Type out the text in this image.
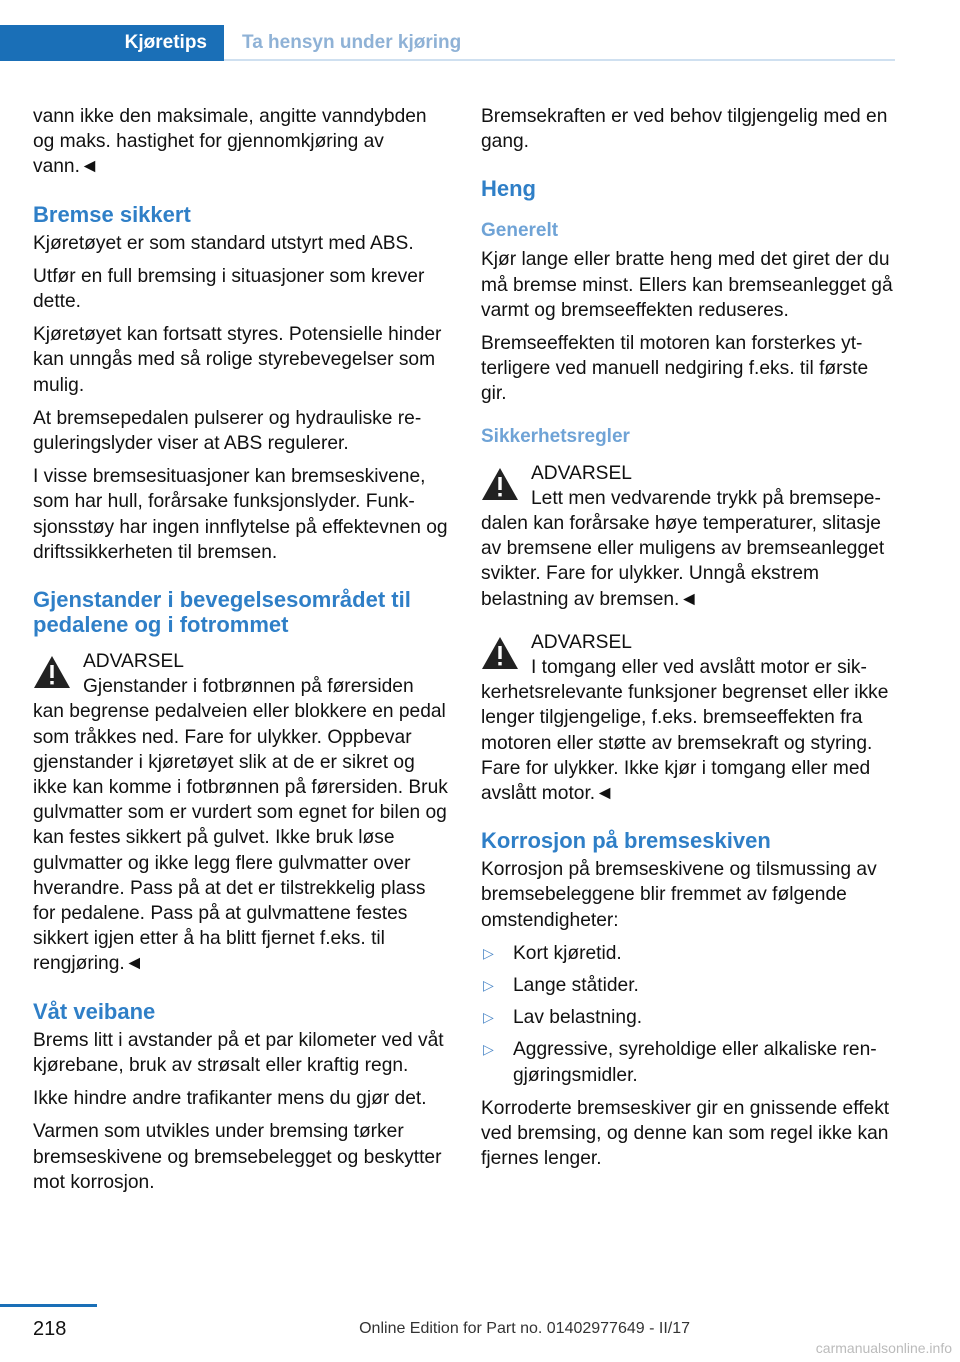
Kjøretips	Ta hensyn under kjøring

vann ikke den maksimale, angitte vanndybden og maks. hastighet for gjennomkjøring av vann.◄

Bremse sikkert

Kjøretøyet er som standard utstyrt med ABS.

Utfør en full bremsing i situasjoner som krever dette.

Kjøretøyet kan fortsatt styres. Potensielle hinder kan unngås med så rolige styrebevegelser som mulig.

At bremsepedalen pulserer og hydrauliske reguleringslyder viser at ABS regulerer.

I visse bremsesituasjoner kan bremseskivene, som har hull, forårsake funksjonslyder. Funksjonsstøy har ingen innflytelse på effektevnen og driftssikkerheten til bremsen.

Gjenstander i bevegelsesområdet til pedalene og i fotrommet
ADVARSEL
Gjenstander i fotbrønnen på førersiden kan begrense pedalveien eller blokkere en pedal som tråkkes ned. Fare for ulykker. Oppbevar gjenstander i kjøretøyet slik at de er sikret og ikke kan komme i fotbrønnen på førersiden. Bruk gulvmatter som er vurdert som egnet for bilen og kan festes sikkert på gulvet. Ikke bruk løse gulvmatter og ikke legg flere gulvmatter over hverandre. Pass på at det er tilstrekkelig plass for pedalene. Pass på at gulvmattene festes sikkert igjen etter å ha blitt fjernet f.eks. til rengjøring.◄
Våt veibane

Brems litt i avstander på et par kilometer ved våt kjørebane, bruk av strøsalt eller kraftig regn.

Ikke hindre andre trafikanter mens du gjør det.

Varmen som utvikles under bremsing tørker bremseskivene og bremsebelegget og beskytter mot korrosjon.

Bremsekraften er ved behov tilgjengelig med en gang.

Heng
Generelt

Kjør lange eller bratte heng med det giret der du må bremse minst. Ellers kan bremseanlegget gå varmt og bremseeffekten reduseres.

Bremseeffekten til motoren kan forsterkes ytterligere ved manuell nedgiring f.eks. til første gir.

Sikkerhetsregler
ADVARSEL
Lett men vedvarende trykk på bremsepedalen kan forårsake høye temperaturer, slitasje av bremsene eller muligens av bremseanlegget svikter. Fare for ulykker. Unngå ekstrem belastning av bremsen.◄
ADVARSEL
I tomgang eller ved avslått motor er sikkerhetsrelevante funksjoner begrenset eller ikke lenger tilgjengelige, f.eks. bremseeffekten fra motoren eller støtte av bremsekraft og styring. Fare for ulykker. Ikke kjør i tomgang eller med avslått motor.◄
Korrosjon på bremseskiven

Korrosjon på bremseskivene og tilsmussing av bremsebeleggene blir fremmet av følgende omstendigheter:

▷ Kort kjøretid.
▷ Lange ståtider.
▷ Lav belastning.
▷ Aggressive, syreholdige eller alkaliske rengjøringsmidler.

Korroderte bremseskiver gir en gnissende effekt ved bremsing, og denne kan som regel ikke kan fjernes lenger.

218	Online Edition for Part no. 01402977649 - II/17
carmanualsonline.info
